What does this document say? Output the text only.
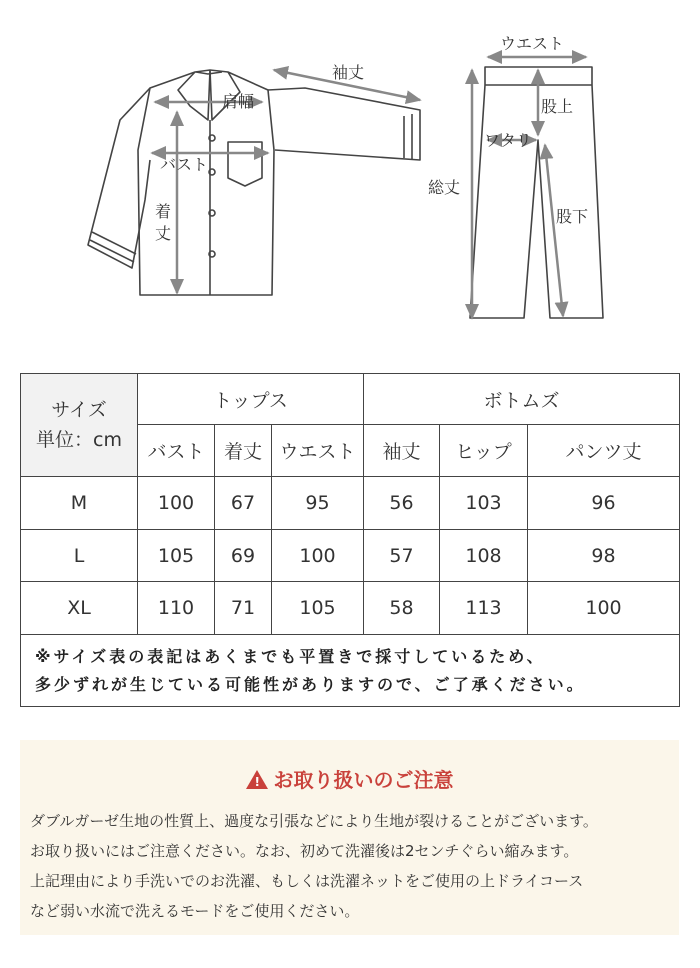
袖丈
肩幅
バスト
着
丈
ウエスト
股上
ワタリ
総丈
股下
サイズ
単位：cm	トップス			ボトムズ		
	バスト	着丈	ウエスト	袖丈	ヒップ	パンツ丈
M	100	67	95	56	103	96
L	105	69	100	57	108	98
XL	110	71	105	58	113	100

※サイズ表の表記はあくまでも平置きで採寸しているため、
多少ずれが生じている可能性がありますので、ご了承ください。						
! お取り扱いのご注意
ダブルガーゼ生地の性質上、過度な引張などにより生地が裂けることがございます。
お取り扱いにはご注意ください。なお、初めて洗濯後は2センチぐらい縮みます。
上記理由により手洗いでのお洗濯、もしくは洗濯ネットをご使用の上ドライコース
など弱い水流で洗えるモードをご使用ください。
